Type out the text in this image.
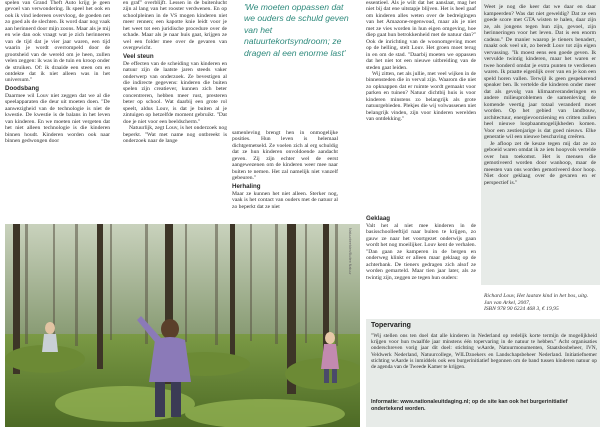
spelen van Grand Theft Auto krijg je geen gevoel van verwondering. Ik speel het ook en ook ik vind iedereen overvloog, de goeden net zo goed als de slechten. Ik word daar nog vaak aan herinnerd door mijn zoons. Maar als je mij en wie dan ook vraagt wat je zich herinneren van de tijd dat je vier jaar waren, een tijd waarin je wordt overrompeld door de grootsheid van de wereld om je heen, zullen velen zeggen: ik was in de tuin en kroop onder de struiken. Of: ik draaide een steen om en ontdekte dat ik niet alleen was in het universum."

Doodsbang

Daarmee wil Louv niet zeggen dat we al die speelapparaten die deur uit moeten doen. "De aanwezigheid van de technologie is niet de kwestie. De kwestie is de balans in het leven van kinderen. En we moeten niet vergeten dat het niet alleen technologie is die kinderen binnen houdt. Kinderen worden ook naar binnen gedwongen door

en graf" overblijft. Lessen in de buitenlucht zijn al lang van het rooster verdwenen. En op schoolpleinen in de VS mogen kinderen niet meer rennen; een kapotte knie leidt voor je het weet tot een juridische procedure over de schade. Maar als je naar huis gaat, krijgen ze wel een folder mee over de gevaren van overgewicht.

Veel steun

De effecten van de scheiding van kinderen en natuur zijn de laatste jaren steeds vaker onderwerp van onderzoek. Ze bevestigen al die indirecte gegevens: kinderen die buiten spelen zijn creatiever, kunnen zich beter concentreren, hebben meer rust, presteren beter op school. Wat daarbij een grote rol speelt, aldus Louv, is dat je buiten al je zintuigen op hetzelfde moment gebruikt. "Dat doe je niet voor een beeldscherm."

Natuurlijk, zegt Louv, is het onderzoek nog beperkt. "Wat met name nog ontbreekt is onderzoek naar de lange

'We moeten oppassen dat we ouders de schuld geven van het natuurtekortsyndroom; ze dragen al een enorme last'

samenleving brengt hen in onmogelijke posities. Hun leven is helemaal dichtgemetseld. Ze voelen zich al erg schuldig dat ze hun kinderen onvoldoende aandacht geven. Zij zijn echter wel de eerst aangewezenen om de kinderen weer mee naar buiten te nemen. Het zal namelijk niet vanzelf gebeuren."

Herhaling

Maar ze kunnen het niet alleen. Sterker nog, vaak is het contact van ouders met de natuur al zo beperkt dat ze niet

essentieel. Als je wilt dat het aanslaat, mag het niet bij dat ene uitstapje blijven. Het is heel gaaf om kinderen alles weten over de bedreigingen van het Amazone-regenwoud, maar als je niet met ze vies worden in hun eigen omgeving, hoe diep gaat hun betrokkenheid met de natuur dan?" Ook de inrichting van de woonomgeving moet op de helling, stelt Louv. Het groen moet terug in en om de stad. "Daarbij moeten we oppassen dat het niet tot een nieuwe uitbreiding van de steden gaat leiden.

Wij zitten, net als jullie, met veel wijken in de binnensteden die in verval zijn. Waarom die niet zo opknappen dat er ruimte wordt gemaakt voor parken en tuinen? Natuur dichtbij huis is voor kinderen minstens zo belangrijk als grote natuurgebieden. Plekjes die wij volwassenen niet belangrijk vinden, zijn voor kinderen werelden van ontdekking."

Geklaag

Valt het al niet mee kinderen in de basisschoolleeftijd naar buiten te krijgen, zo gauw ze naar het voortgezet onderwijs gaan wordt het nog moeilijker. Louv kent de verhalen. "Dan gaan ze kamperen in de bergen en onderweg klinkt er alleen maar geklaag op de achterbank. De tieners gedragen zich alsof ze worden gemarteld. Maar tien jaar later, als ze twintig zijn, zeggen ze tegen hun ouders:

Weet je nog die keer dat we daar en daar kampeerden? Was dat niet geweldig? Dat ze een goede score met GTA wisten te halen, daar zijn ze, als jongens tegen hun zijn, gevoel, zijn herinneringen voor het leven. Dat is een enorm cadeau." De manier waarop je tieners benadert, maakt ook veel uit, zo beredt Louv tot zijn eigen vervassing. "Ik moest eens een goede geven. Ik vervulde twintig kinderen, maar het waren er twee honderd omdat je extra punten te verdienen waren. Ik praatte eigenlijk over van en je kon een speld horen vallen. Terwijl ik geen gespekerend speaker ben. Ik vertelde die kinderen onder meer dat als gevolg van klimaatveranderingen en andere milieuproblemen de samenleving de komende veertig jaar totaal veranderd moet worden. Op het gebied van landbouw, architectuur, energievoorziening en critten zullen heel nieuwe loopbaanmogelijkheden komen. Voor een zestienjarige is dat goed nieuws. Elke generatie wil een nieuwe beschaving creëren.

Je afloop zet de keuze tegen mij dat ze zo geboeid waren omdat ik ze iets hoopvols vertelde over hun toekomst. Het is mensen die gemotiveerd worden door wanhoop, maar de meesten van ons worden gemotiveerd door hoop. Niet door geklaag over de gevaren en er perspectief is."

Richard Louv, Het laatste kind in het bos, uitg. Jan van Arkel, 2007,
ISBN 978 90 6224 468 3, € 19,95
Natuurbeelden/Buiten Natuur
Topervaring
"Wij stellen ons ten doel dat alle kinderen in Nederland op redelijk korte termijn de mogelijkheid krijgen voor hun twaalfde jaar minstens één topervaring in de natuur te hebben." Acht organisaties onderschreven vorig jaar dit doel: stichting wAarde, Natuurmonumenten, Staatsbosbeheer, IVN, Veldwerk Nederland, Natuurcollege, WILDzoekers en Landschapsbeheer Nederland. Initiatiefnemer stichting wAarde is inmiddels ook een burgerinitiatief begonnen om de band tussen kinderen natuur op de agenda van de Tweede Kamer te krijgen.
Informatie: www.nationaleuitdaging.nl; op de site kan ook het burgerinitiatief ondertekend worden.
